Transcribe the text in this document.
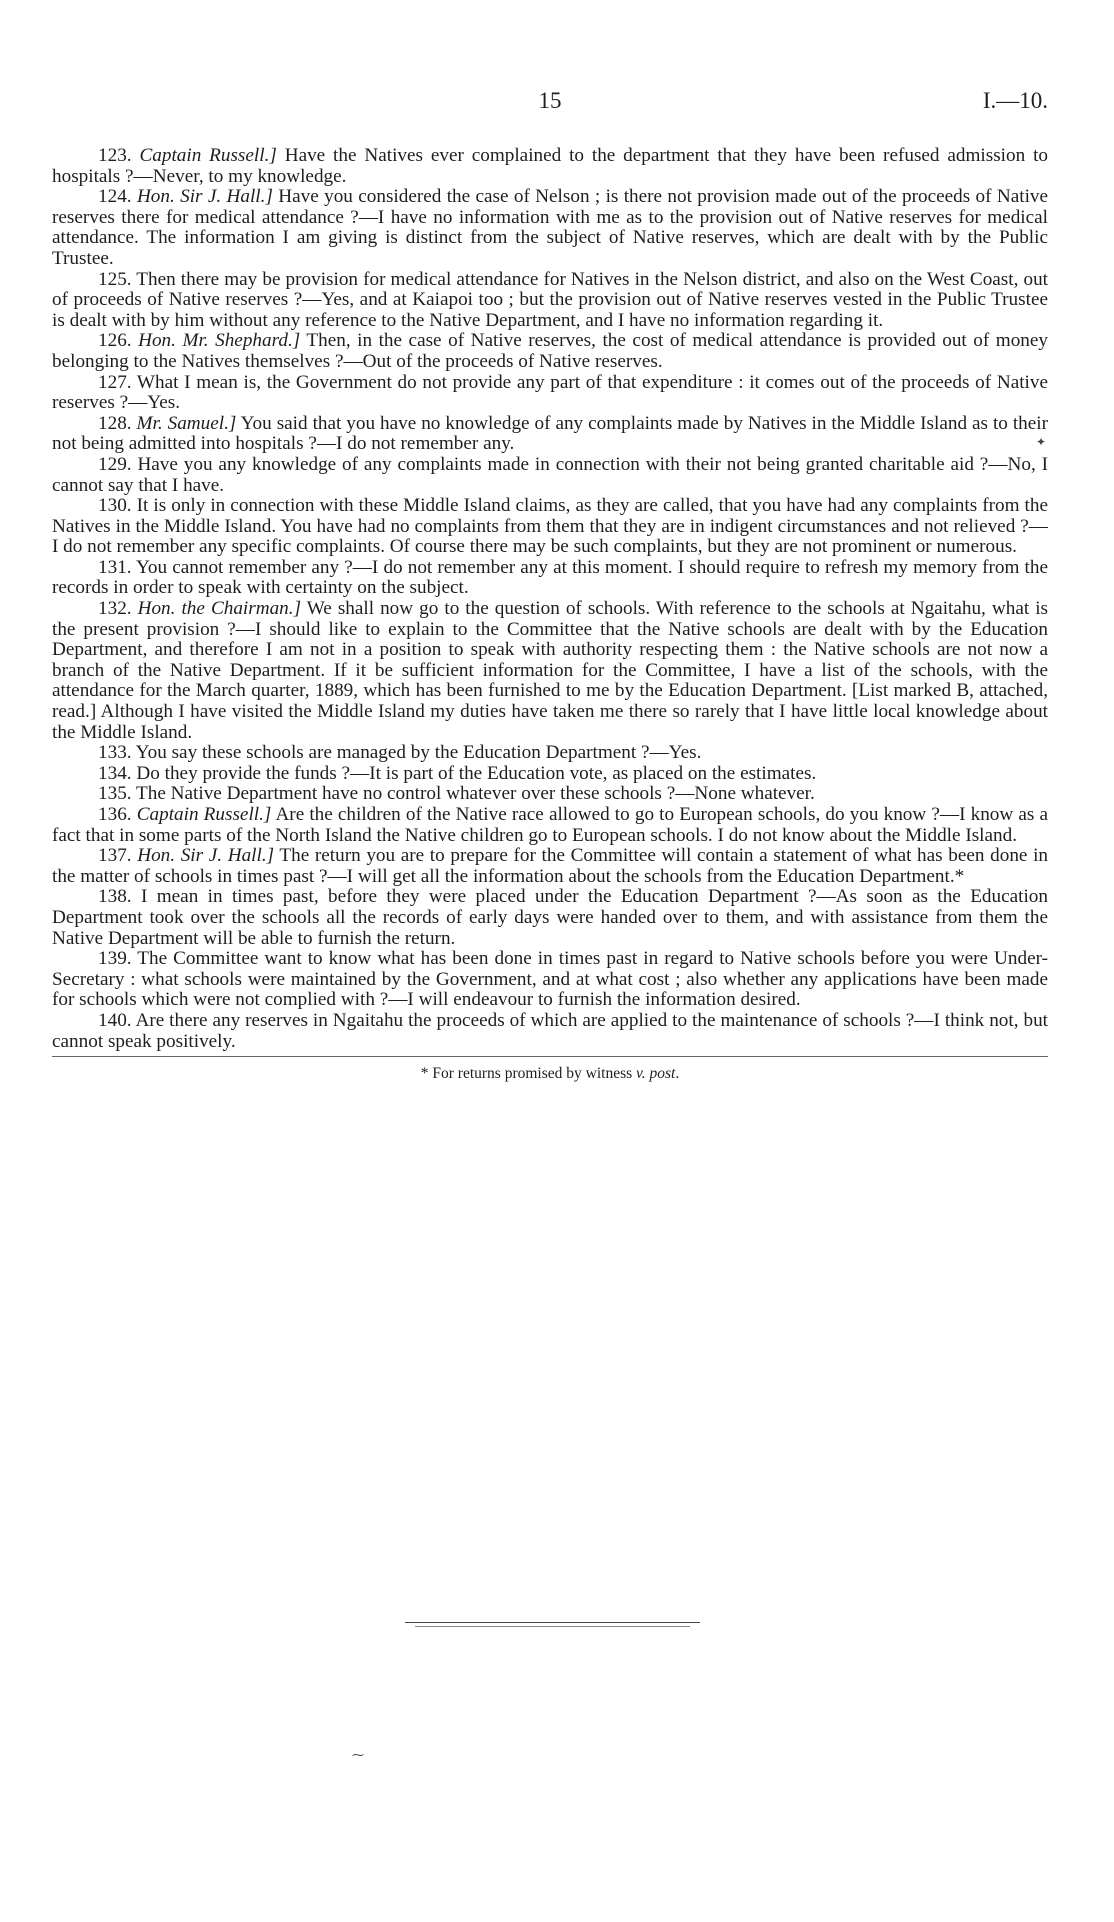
15	I.—10.

123. Captain Russell.] Have the Natives ever complained to the department that they have been refused admission to hospitals ?—Never, to my knowledge.

124. Hon. Sir J. Hall.] Have you considered the case of Nelson ; is there not provision made out of the proceeds of Native reserves there for medical attendance ?—I have no information with me as to the provision out of Native reserves for medical attendance. The information I am giving is distinct from the subject of Native reserves, which are dealt with by the Public Trustee.

125. Then there may be provision for medical attendance for Natives in the Nelson district, and also on the West Coast, out of proceeds of Native reserves ?—Yes, and at Kaiapoi too ; but the provision out of Native reserves vested in the Public Trustee is dealt with by him without any reference to the Native Department, and I have no information regarding it.

126. Hon. Mr. Shephard.] Then, in the case of Native reserves, the cost of medical attendance is provided out of money belonging to the Natives themselves ?—Out of the proceeds of Native reserves.

127. What I mean is, the Government do not provide any part of that expenditure : it comes out of the proceeds of Native reserves ?—Yes.

128. Mr. Samuel.] You said that you have no knowledge of any complaints made by Natives in the Middle Island as to their not being admitted into hospitals ?—I do not remember any.

129. Have you any knowledge of any complaints made in connection with their not being granted charitable aid ?—No, I cannot say that I have.

130. It is only in connection with these Middle Island claims, as they are called, that you have had any complaints from the Natives in the Middle Island. You have had no complaints from them that they are in indigent circumstances and not relieved ?—I do not remember any specific complaints. Of course there may be such complaints, but they are not prominent or numerous.

131. You cannot remember any ?—I do not remember any at this moment. I should require to refresh my memory from the records in order to speak with certainty on the subject.

132. Hon. the Chairman.] We shall now go to the question of schools. With reference to the schools at Ngaitahu, what is the present provision ?—I should like to explain to the Committee that the Native schools are dealt with by the Education Department, and therefore I am not in a position to speak with authority respecting them : the Native schools are not now a branch of the Native Department. If it be sufficient information for the Committee, I have a list of the schools, with the attendance for the March quarter, 1889, which has been furnished to me by the Education Department. [List marked B, attached, read.] Although I have visited the Middle Island my duties have taken me there so rarely that I have little local knowledge about the Middle Island.

133. You say these schools are managed by the Education Department ?—Yes.

134. Do they provide the funds ?—It is part of the Education vote, as placed on the estimates.

135. The Native Department have no control whatever over these schools ?—None whatever.

136. Captain Russell.] Are the children of the Native race allowed to go to European schools, do you know ?—I know as a fact that in some parts of the North Island the Native children go to European schools. I do not know about the Middle Island.

137. Hon. Sir J. Hall.] The return you are to prepare for the Committee will contain a statement of what has been done in the matter of schools in times past ?—I will get all the information about the schools from the Education Department.*

138. I mean in times past, before they were placed under the Education Department ?—As soon as the Education Department took over the schools all the records of early days were handed over to them, and with assistance from them the Native Department will be able to furnish the return.

139. The Committee want to know what has been done in times past in regard to Native schools before you were Under-Secretary : what schools were maintained by the Government, and at what cost ; also whether any applications have been made for schools which were not complied with ?—I will endeavour to furnish the information desired.

140. Are there any reserves in Ngaitahu the proceeds of which are applied to the maintenance of schools ?—I think not, but cannot speak positively.

* For returns promised by witness v. post.
✦
⁓
